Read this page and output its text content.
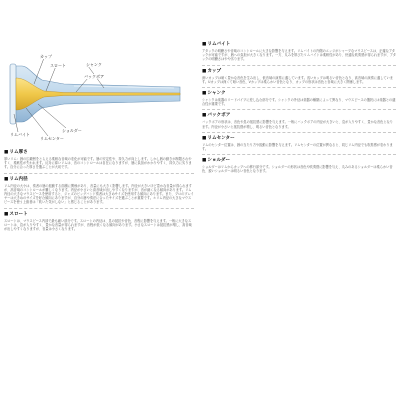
カップ
スロート	シャンク
バックボア
リムバイト
リムセンター
ショルダー
■ リム厚さ

厚いリム：唇の広範囲をとらえる柔軟な音域の変化が可能です。唇の安定性や、持久力が向上します。しかし唇の動きが制限されやすく、柔軟性が失われます。反対に薄いリムは、音のコントロールは自在になりますが、唇に負担がかかりやすく、持久力に劣ります。自分に合った厚さを選ぶことが大切です。

■ リム内径

リム内径の大小は、奏者の唇の振動する面積に関係があり、音量にも大きく影響します。内径が大きいほど豊かな音量が得られますが、高音域のコントロールが難しくなります。内径が小さいと高音域が出しやすくなりますが、音が細くなる傾向があります。リム内径の大きなマウスピースを使用すると、ジャズのビッグバンド奏者は大きめサイズを使用する傾向にあります。また、プロのプレイヤーは大きめのサイズを好む傾向にありますが、自分の唇や奏法に合ったサイズを選ぶことが重要です。＊リム内径の大きなマウスピースを使う上級者は「吹いた気がしない」と感じることがあります。

■ スロート

スロートは、マウスピース内部で最も細い部分です。スロートの内径は、息の抵抗や音色、音程に影響を与えます。一般に大きなスロートは、息が入りやすく、豊かな音量が得られますが、音程が低くなる傾向があります。小さなスロートは抵抗感が増し、高音域が出しやすくなりますが、音量は小さくなります。

■ リムバイト

アタックの明瞭さや音域のコントロールに大きな影響を与えます。リムバイトの内側のエッジがシャープなマウスピースは、正確なアタックが可能ですが、唇への負担が大きくなります。一方、丸みを帯びたリムバイトは柔軟性があり、快適な吹奏感が得られますが、アタックの明瞭さはやや劣ります。

■ カップ

深いカップは暗く豊かな音色を生み出し、低音域の演奏に適しています。浅いカップは明るい音色となり、高音域の演奏に適しています。Uカップは深くて暗い音色、Vカップは柔らかい音色となり、カップの形状は音色と音域に大きく関係します。

■ シャンク

シャンクは楽器のリードパイプに差し込む部分です。シャンクの外径は楽器の種類によって異なり、マウスピースの選択には楽器との適合性が重要です。

■ バックボア

バックボアの形状は、音色や息の抵抗感に影響を与えます。一般にバックボアの内径が大きいと、息が入りやすく、豊かな音色となります。内径が小さいと抵抗感が増し、明るい音色となります。

■ リムセンター

リムのセンター位置は、唇の当たり方や振動に影響を与えます。リムセンターの位置が異なると、同じリム内径でも吹奏感が変わります。

■ ショルダー

ショルダーはリムからカップへの移行部分です。ショルダーの形状は音色や吹奏感に影響を与え、丸みのあるショルダーは柔らかい音色、鋭いショルダーは明るい音色となります。
